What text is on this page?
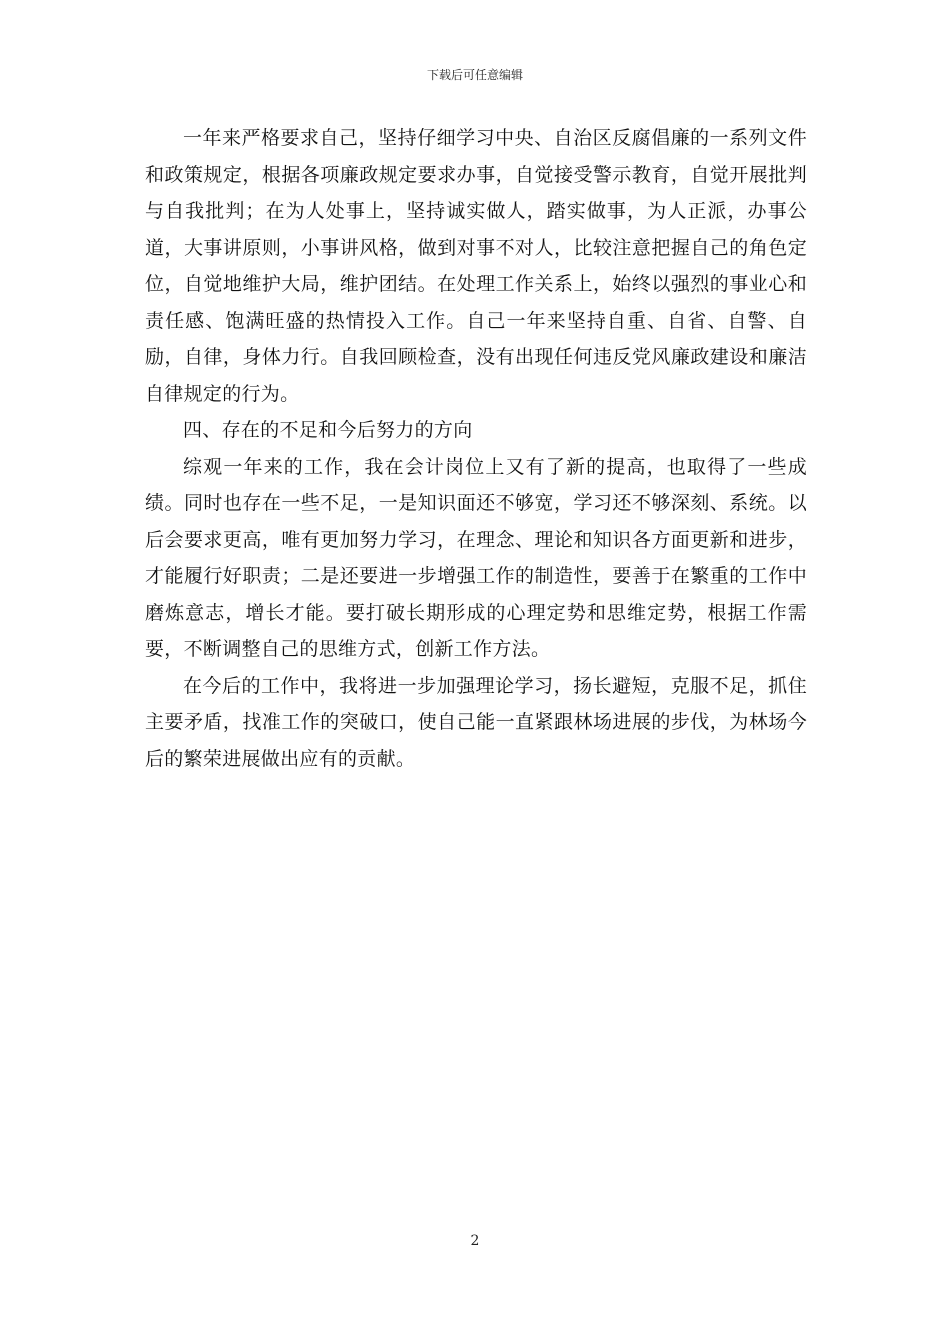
下载后可任意编辑

一年来严格要求自己，坚持仔细学习中央、自治区反腐倡廉的一系列文件和政策规定，根据各项廉政规定要求办事，自觉接受警示教育，自觉开展批判与自我批判；在为人处事上，坚持诚实做人，踏实做事，为人正派，办事公道，大事讲原则，小事讲风格，做到对事不对人，比较注意把握自己的角色定位，自觉地维护大局，维护团结。在处理工作关系上，始终以强烈的事业心和责任感、饱满旺盛的热情投入工作。自己一年来坚持自重、自省、自警、自励，自律，身体力行。自我回顾检查，没有出现任何违反党风廉政建设和廉洁自律规定的行为。

四、存在的不足和今后努力的方向

综观一年来的工作，我在会计岗位上又有了新的提高，也取得了一些成绩。同时也存在一些不足，一是知识面还不够宽，学习还不够深刻、系统。以后会要求更高，唯有更加努力学习，在理念、理论和知识各方面更新和进步，才能履行好职责；二是还要进一步增强工作的制造性，要善于在繁重的工作中磨炼意志，增长才能。要打破长期形成的心理定势和思维定势，根据工作需要，不断调整自己的思维方式，创新工作方法。

在今后的工作中，我将进一步加强理论学习，扬长避短，克服不足，抓住主要矛盾，找准工作的突破口，使自己能一直紧跟林场进展的步伐，为林场今后的繁荣进展做出应有的贡献。

2
